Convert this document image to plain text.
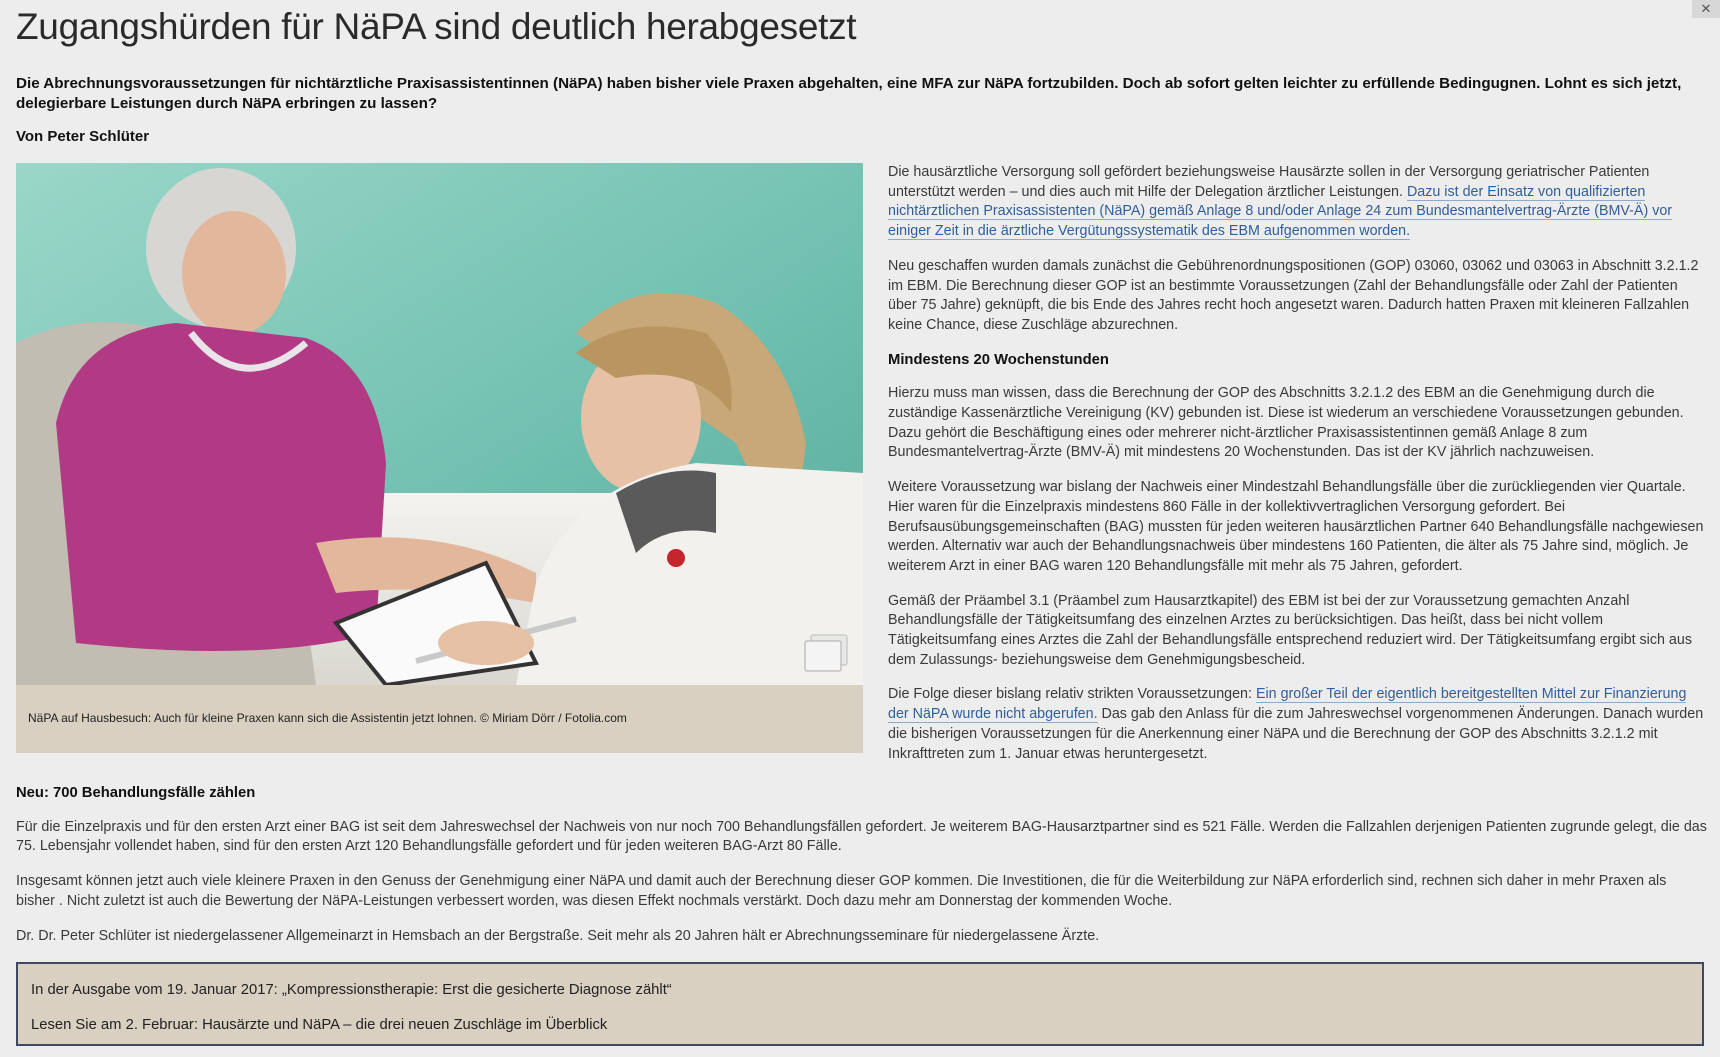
Zugangshürden für NäPA sind deutlich herabgesetzt

Die Abrechnungsvoraussetzungen für nichtärztliche Praxisassistentinnen (NäPA) haben bisher viele Praxen abgehalten, eine MFA zur NäPA fortzubilden. Doch ab sofort gelten leichter zu erfüllende Bedingugnen. Lohnt es sich jetzt, delegierbare Leistungen durch NäPA erbringen zu lassen?

Von Peter Schlüter

NäPA auf Hausbesuch: Auch für kleine Praxen kann sich die Assistentin jetzt lohnen. © Miriam Dörr / Fotolia.com

Die hausärztliche Versorgung soll gefördert beziehungsweise Hausärzte sollen in der Versorgung geriatrischer Patienten unterstützt werden – und dies auch mit Hilfe der Delegation ärztlicher Leistungen. Dazu ist der Einsatz von qualifizierten nichtärztlichen Praxisassistenten (NäPA) gemäß Anlage 8 und/oder Anlage 24 zum Bundesmantelvertrag-Ärzte (BMV-Ä) vor einiger Zeit in die ärztliche Vergütungssystematik des EBM aufgenommen worden.

Neu geschaffen wurden damals zunächst die Gebührenordnungspositionen (GOP) 03060, 03062 und 03063 in Abschnitt 3.2.1.2 im EBM. Die Berechnung dieser GOP ist an bestimmte Voraussetzungen (Zahl der Behandlungsfälle oder Zahl der Patienten über 75 Jahre) geknüpft, die bis Ende des Jahres recht hoch angesetzt waren. Dadurch hatten Praxen mit kleineren Fallzahlen keine Chance, diese Zuschläge abzurechnen.

Mindestens 20 Wochenstunden

Hierzu muss man wissen, dass die Berechnung der GOP des Abschnitts 3.2.1.2 des EBM an die Genehmigung durch die zuständige Kassenärztliche Vereinigung (KV) gebunden ist. Diese ist wiederum an verschiedene Voraussetzungen gebunden. Dazu gehört die Beschäftigung eines oder mehrerer nicht-ärztlicher Praxisassistentinnen gemäß Anlage 8 zum Bundesmantelvertrag-Ärzte (BMV-Ä) mit mindestens 20 Wochenstunden. Das ist der KV jährlich nachzuweisen.

Weitere Voraussetzung war bislang der Nachweis einer Mindestzahl Behandlungsfälle über die zurückliegenden vier Quartale. Hier waren für die Einzelpraxis mindestens 860 Fälle in der kollektivvertraglichen Versorgung gefordert. Bei Berufsausübungsgemeinschaften (BAG) mussten für jeden weiteren hausärztlichen Partner 640 Behandlungsfälle nachgewiesen werden. Alternativ war auch der Behandlungsnachweis über mindestens 160 Patienten, die älter als 75 Jahre sind, möglich. Je weiterem Arzt in einer BAG waren 120 Behandlungsfälle mit mehr als 75 Jahren, gefordert.

Gemäß der Präambel 3.1 (Präambel zum Hausarztkapitel) des EBM ist bei der zur Voraussetzung gemachten Anzahl Behandlungsfälle der Tätigkeitsumfang des einzelnen Arztes zu berücksichtigen. Das heißt, dass bei nicht vollem Tätigkeitsumfang eines Arztes die Zahl der Behandlungsfälle entsprechend reduziert wird. Der Tätigkeitsumfang ergibt sich aus dem Zulassungs- beziehungsweise dem Genehmigungsbescheid.

Die Folge dieser bislang relativ strikten Voraussetzungen: Ein großer Teil der eigentlich bereitgestellten Mittel zur Finanzierung der NäPA wurde nicht abgerufen. Das gab den Anlass für die zum Jahreswechsel vorgenommenen Änderungen. Danach wurden die bisherigen Voraussetzungen für die Anerkennung einer NäPA und die Berechnung der GOP des Abschnitts 3.2.1.2 mit Inkrafttreten zum 1. Januar etwas heruntergesetzt.

Neu: 700 Behandlungsfälle zählen

Für die Einzelpraxis und für den ersten Arzt einer BAG ist seit dem Jahreswechsel der Nachweis von nur noch 700 Behandlungsfällen gefordert. Je weiterem BAG-Hausarztpartner sind es 521 Fälle. Werden die Fallzahlen derjenigen Patienten zugrunde gelegt, die das 75. Lebensjahr vollendet haben, sind für den ersten Arzt 120 Behandlungsfälle gefordert und für jeden weiteren BAG-Arzt 80 Fälle.

Insgesamt können jetzt auch viele kleinere Praxen in den Genuss der Genehmigung einer NäPA und damit auch der Berechnung dieser GOP kommen. Die Investitionen, die für die Weiterbildung zur NäPA erforderlich sind, rechnen sich daher in mehr Praxen als bisher . Nicht zuletzt ist auch die Bewertung der NäPA-Leistungen verbessert worden, was diesen Effekt nochmals verstärkt. Doch dazu mehr am Donnerstag der kommenden Woche.

Dr. Dr. Peter Schlüter ist niedergelassener Allgemeinarzt in Hemsbach an der Bergstraße. Seit mehr als 20 Jahren hält er Abrechnungsseminare für niedergelassene Ärzte.

In der Ausgabe vom 19. Januar 2017: „Kompressionstherapie: Erst die gesicherte Diagnose zählt“

Lesen Sie am 2. Februar: Hausärzte und NäPA – die drei neuen Zuschläge im Überblick

✕
